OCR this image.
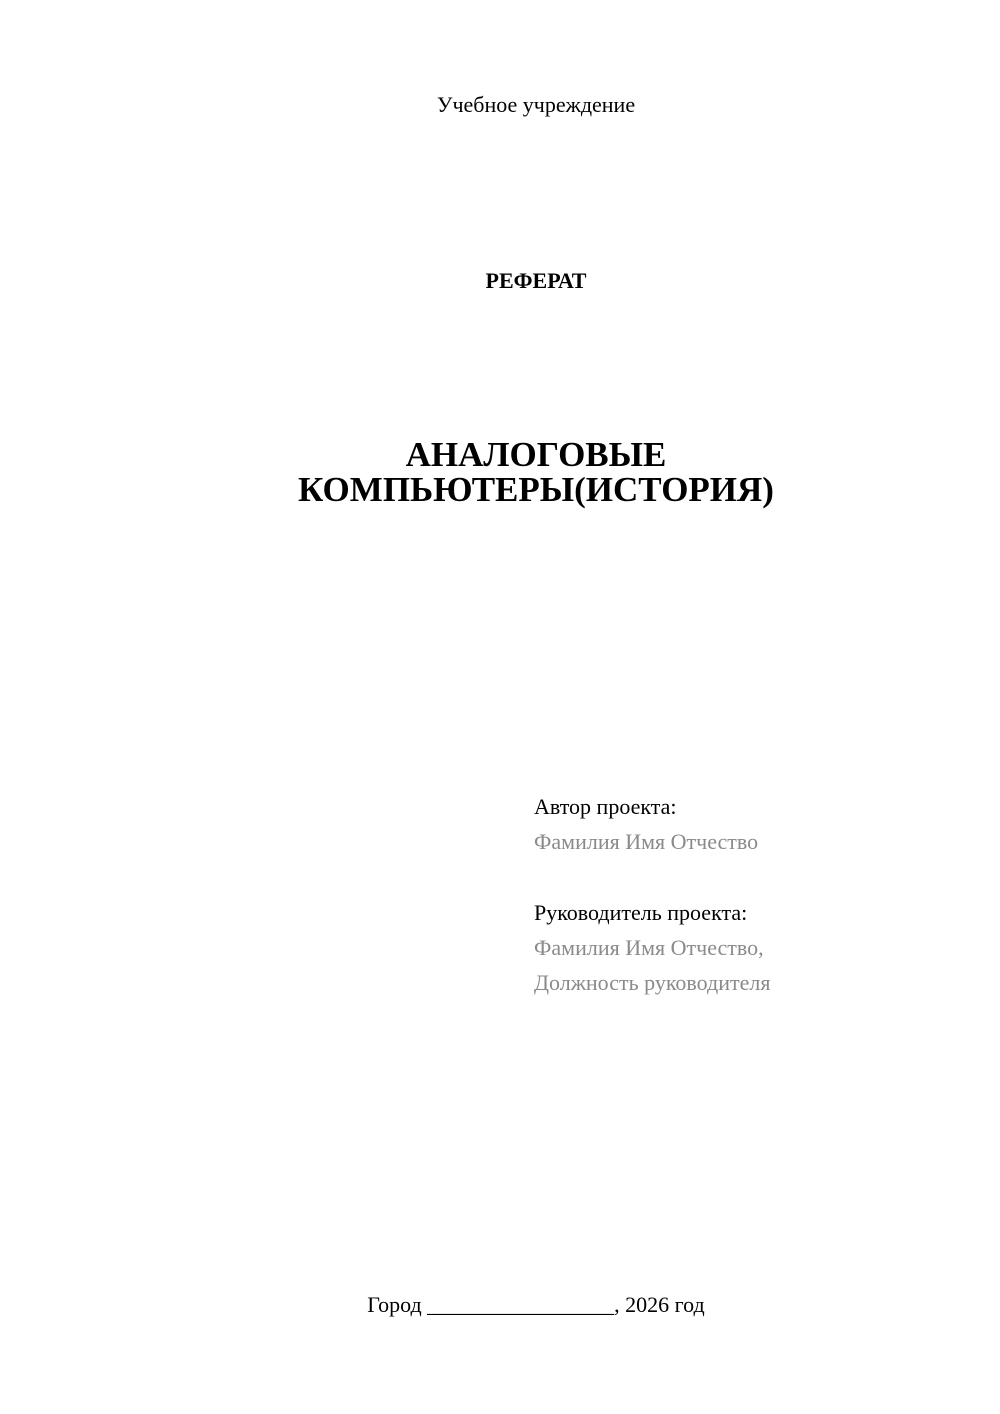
Учебное учреждение
РЕФЕРАТ
АНАЛОГОВЫЕ
КОМПЬЮТЕРЫ(ИСТОРИЯ)
Автор проекта:
Фамилия Имя Отчество
Руководитель проекта:
Фамилия Имя Отчество,
Должность руководителя
Город _________________, 2026 год
